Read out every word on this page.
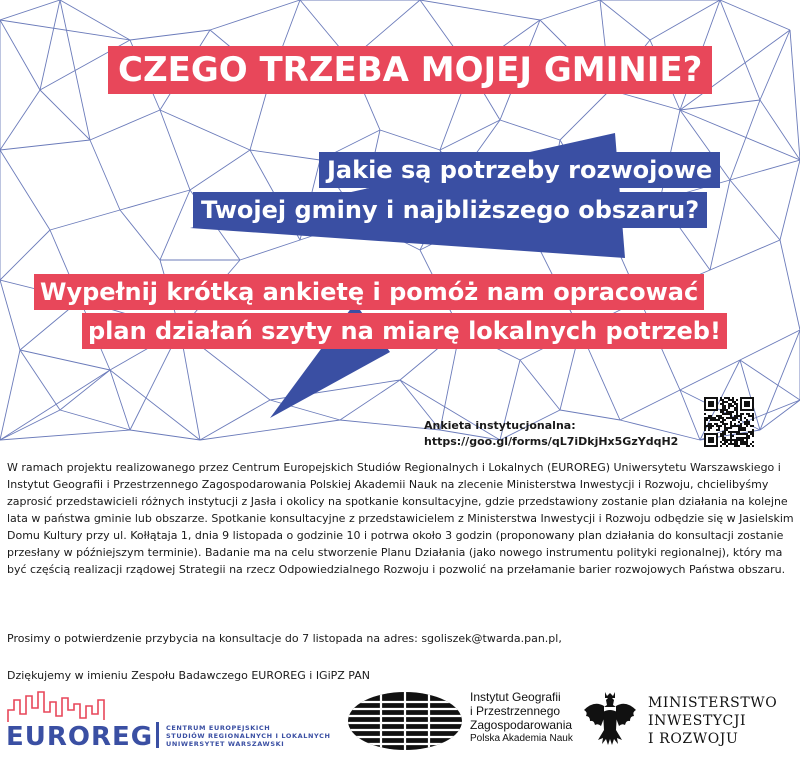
CZEGO TRZEBA MOJEJ GMINIE?
Jakie są potrzeby rozwojowe
Twojej gminy i najbliższego obszaru?
Wypełnij krótką ankietę i pomóż nam opracować
plan działań szyty na miarę lokalnych potrzeb!
Ankieta instytucjonalna:
https://goo.gl/forms/qL7iDkjHx5GzYdqH2

W ramach projektu realizowanego przez Centrum Europejskich Studiów Regionalnych i Lokalnych (EUROREG) Uniwersytetu Warszawskiego i Instytut Geografii i Przestrzennego Zagospodarowania Polskiej Akademii Nauk na zlecenie Ministerstwa Inwestycji i Rozwoju, chcielibyśmy zaprosić przedstawicieli różnych instytucji z Jasła i okolicy na spotkanie konsultacyjne, gdzie przedstawiony zostanie plan działania na kolejne lata w państwa gminie lub obszarze. Spotkanie konsultacyjne z przedstawicielem z Ministerstwa Inwestycji i Rozwoju odbędzie się w Jasielskim Domu Kultury przy ul. Kołłątaja 1, dnia 9 listopada o godzinie 10 i potrwa około 3 godzin (proponowany plan działania do konsultacji zostanie przesłany w późniejszym terminie). Badanie ma na celu stworzenie Planu Działania (jako nowego instrumentu polityki regionalnej), który ma być częścią realizacji rządowej Strategii na rzecz Odpowiedzialnego Rozwoju i pozwolić na przełamanie barier rozwojowych Państwa obszaru.

Prosimy o potwierdzenie przybycia na konsultacje do 7 listopada na adres: sgoliszek@twarda.pan.pl,
Dziękujemy w imieniu Zespołu Badawczego EUROREG i IGiPZ PAN
EUROREG CENTRUM EUROPEJSKICH
STUDIÓW REGIONALNYCH I LOKALNYCH
UNIWERSYTET WARSZAWSKI
Instytut Geografii
i Przestrzennego
Zagospodarowania
Polska Akademia Nauk
MINISTERSTWO
INWESTYCJI
I ROZWOJU
